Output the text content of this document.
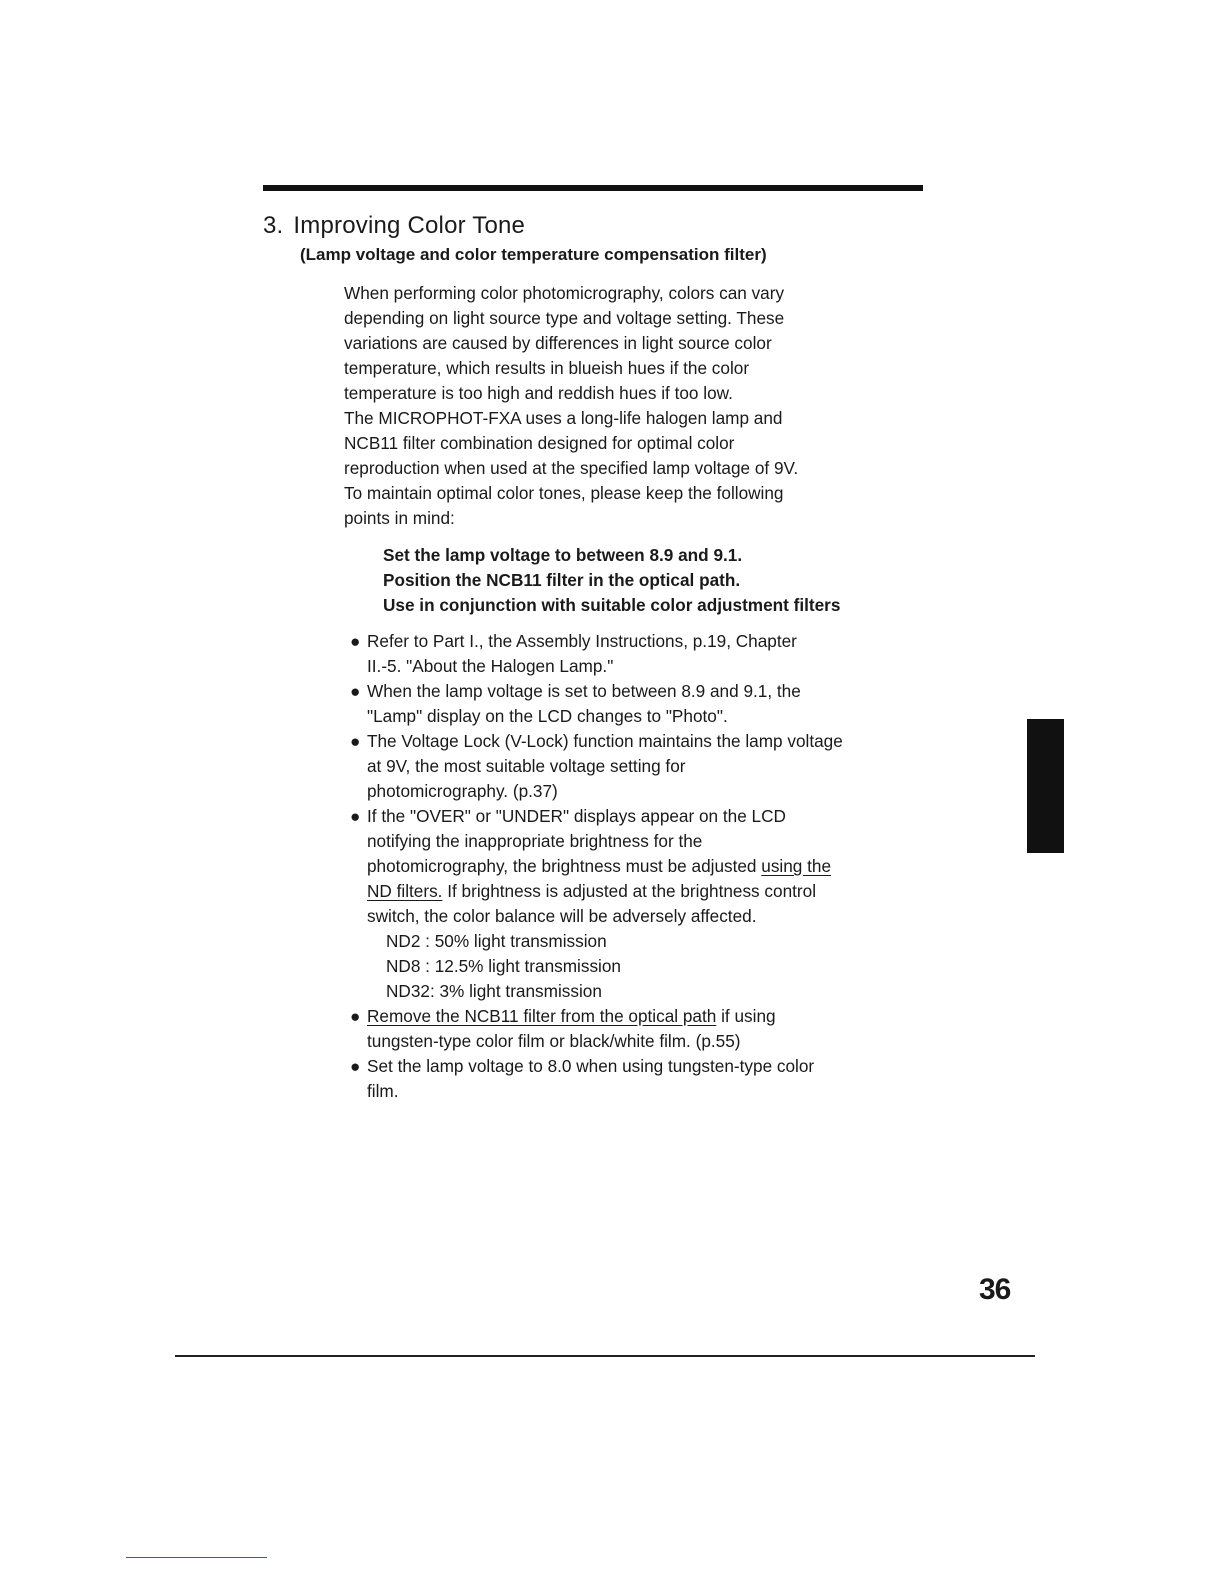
3. Improving Color Tone
(Lamp voltage and color temperature compensation filter)
When performing color photomicrography, colors can vary
depending on light source type and voltage setting. These
variations are caused by differences in light source color
temperature, which results in blueish hues if the color
temperature is too high and reddish hues if too low.
The MICROPHOT-FXA uses a long-life halogen lamp and
NCB11 filter combination designed for optimal color
reproduction when used at the specified lamp voltage of 9V.
To maintain optimal color tones, please keep the following
points in mind:
Set the lamp voltage to between 8.9 and 9.1.
Position the NCB11 filter in the optical path.
Use in conjunction with suitable color adjustment filters
● Refer to Part I., the Assembly Instructions, p.19, Chapter
II.-5. "About the Halogen Lamp."
● When the lamp voltage is set to between 8.9 and 9.1, the
"Lamp" display on the LCD changes to "Photo".
● The Voltage Lock (V-Lock) function maintains the lamp voltage
at 9V, the most suitable voltage setting for
photomicrography. (p.37)
● If the "OVER" or "UNDER" displays appear on the LCD
notifying the inappropriate brightness for the
photomicrography, the brightness must be adjusted using the
ND filters. If brightness is adjusted at the brightness control
switch, the color balance will be adversely affected.
ND2 : 50% light transmission
ND8 : 12.5% light transmission
ND32: 3% light transmission
● Remove the NCB11 filter from the optical path if using
tungsten-type color film or black/white film. (p.55)
● Set the lamp voltage to 8.0 when using tungsten-type color
film.
36
